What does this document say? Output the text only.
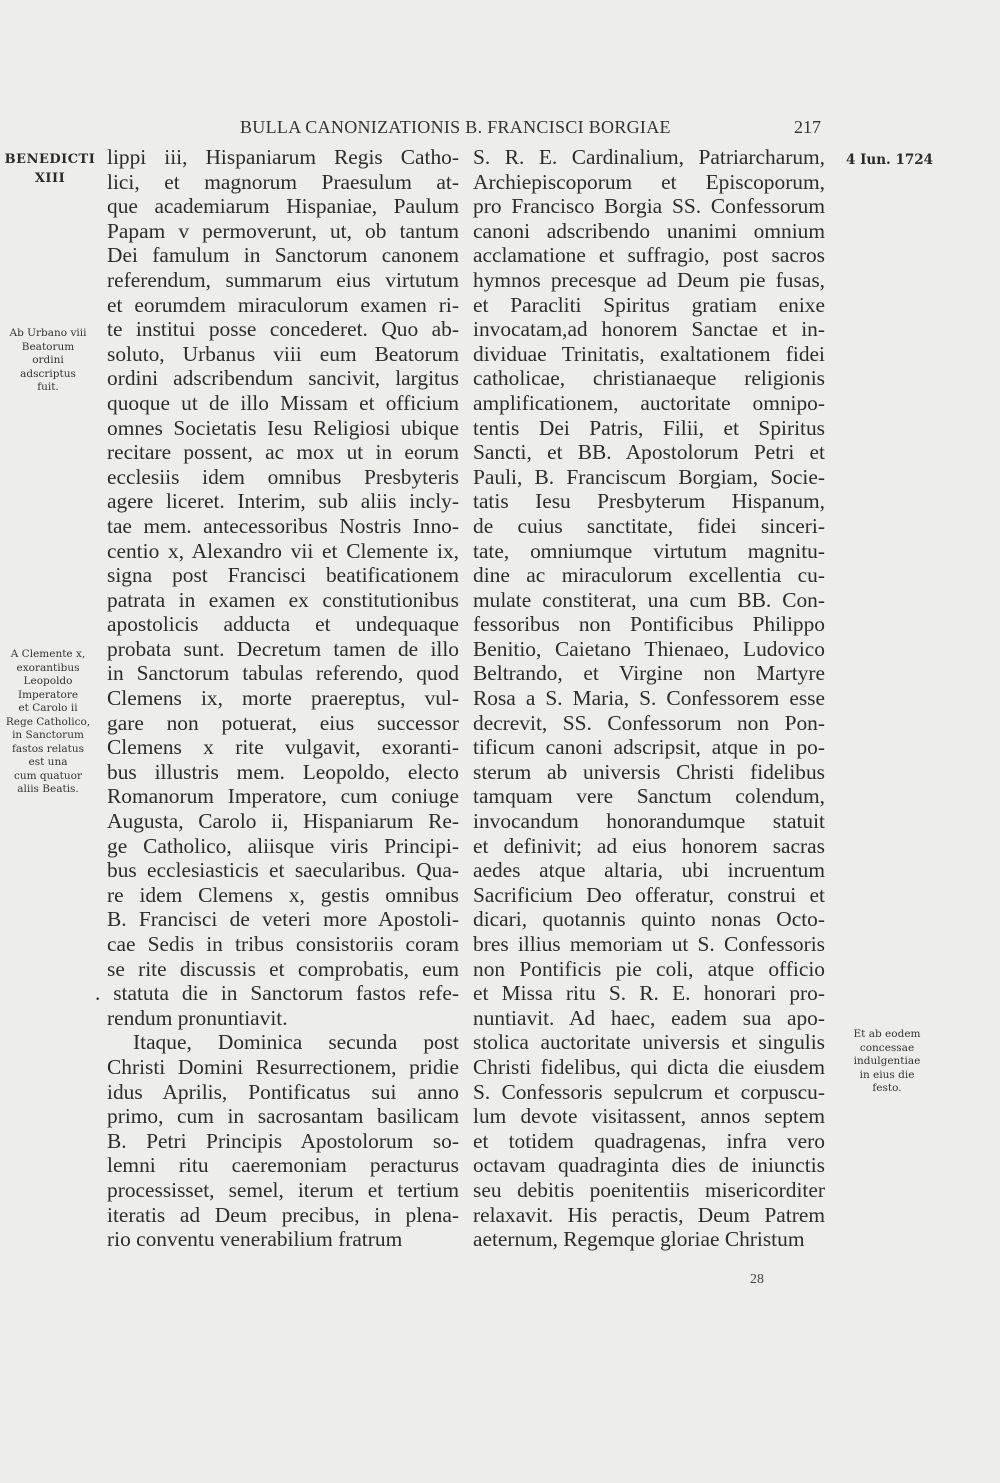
BULLA CANONIZATIONIS B. FRANCISCI BORGIAE	217
BENEDICTI
XIII
4 Iun. 1724
Ab Urbano viii
Beatorum
ordini
adscriptus
fuit.
A Clemente x,
exorantibus
Leopoldo
Imperatore
et Carolo ii
Rege Catholico,
in Sanctorum
fastos relatus
est una
cum quatuor
aliis Beatis.
Et ab eodem
concessae
indulgentiae
in eius die
festo.
lippi iii, Hispaniarum Regis Catho-
lici, et magnorum Praesulum at-
que academiarum Hispaniae, Paulum
Papam v permoverunt, ut, ob tantum
Dei famulum in Sanctorum canonem
referendum, summarum eius virtutum
et eorumdem miraculorum examen ri-
te institui posse concederet. Quo ab-
soluto, Urbanus viii eum Beatorum
ordini adscribendum sancivit, largitus
quoque ut de illo Missam et officium
omnes Societatis Iesu Religiosi ubique
recitare possent, ac mox ut in eorum
ecclesiis idem omnibus Presbyteris
agere liceret. Interim, sub aliis incly-
tae mem. antecessoribus Nostris Inno-
centio x, Alexandro vii et Clemente ix,
signa post Francisci beatificationem
patrata in examen ex constitutionibus
apostolicis adducta et undequaque
probata sunt. Decretum tamen de illo
in Sanctorum tabulas referendo, quod
Clemens ix, morte praereptus, vul-
gare non potuerat, eius successor
Clemens x rite vulgavit, exoranti-
bus illustris mem. Leopoldo, electo
Romanorum Imperatore, cum coniuge
Augusta, Carolo ii, Hispaniarum Re-
ge Catholico, aliisque viris Principi-
bus ecclesiasticis et saecularibus. Qua-
re idem Clemens x, gestis omnibus
B. Francisci de veteri more Apostoli-
cae Sedis in tribus consistoriis coram
se rite discussis et comprobatis, eum
. statuta die in Sanctorum fastos refe-
rendum pronuntiavit.
Itaque, Dominica secunda post
Christi Domini Resurrectionem, pridie
idus Aprilis, Pontificatus sui anno
primo, cum in sacrosantam basilicam
B. Petri Principis Apostolorum so-
lemni ritu caeremoniam peracturus
processisset, semel, iterum et tertium
iteratis ad Deum precibus, in plena-
rio conventu venerabilium fratrum
S. R. E. Cardinalium, Patriarcharum,
Archiepiscoporum et Episcoporum,
pro Francisco Borgia SS. Confessorum
canoni adscribendo unanimi omnium
acclamatione et suffragio, post sacros
hymnos precesque ad Deum pie fusas,
et Paracliti Spiritus gratiam enixe
invocatam,ad honorem Sanctae et in-
dividuae Trinitatis, exaltationem fidei
catholicae, christianaeque religionis
amplificationem, auctoritate omnipo-
tentis Dei Patris, Filii, et Spiritus
Sancti, et BB. Apostolorum Petri et
Pauli, B. Franciscum Borgiam, Socie-
tatis Iesu Presbyterum Hispanum,
de cuius sanctitate, fidei sinceri-
tate, omniumque virtutum magnitu-
dine ac miraculorum excellentia cu-
mulate constiterat, una cum BB. Con-
fessoribus non Pontificibus Philippo
Benitio, Caietano Thienaeo, Ludovico
Beltrando, et Virgine non Martyre
Rosa a S. Maria, S. Confessorem esse
decrevit, SS. Confessorum non Pon-
tificum canoni adscripsit, atque in po-
sterum ab universis Christi fidelibus
tamquam vere Sanctum colendum,
invocandum honorandumque statuit
et definivit; ad eius honorem sacras
aedes atque altaria, ubi incruentum
Sacrificium Deo offeratur, construi et
dicari, quotannis quinto nonas Octo-
bres illius memoriam ut S. Confessoris
non Pontificis pie coli, atque officio
et Missa ritu S. R. E. honorari pro-
nuntiavit. Ad haec, eadem sua apo-
stolica auctoritate universis et singulis
Christi fidelibus, qui dicta die eiusdem
S. Confessoris sepulcrum et corpuscu-
lum devote visitassent, annos septem
et totidem quadragenas, infra vero
octavam quadraginta dies de iniunctis
seu debitis poenitentiis misericorditer
relaxavit. His peractis, Deum Patrem
aeternum, Regemque gloriae Christum
28
